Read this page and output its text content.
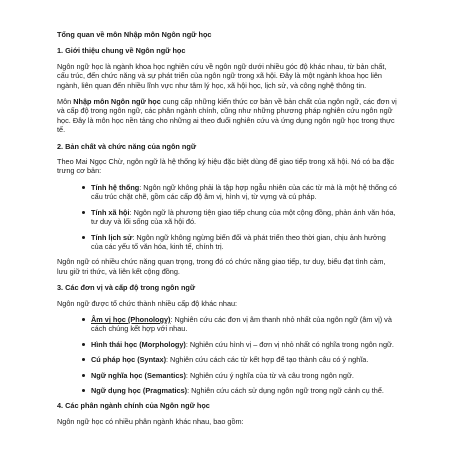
Tổng quan về môn Nhập môn Ngôn ngữ học
1. Giới thiệu chung về Ngôn ngữ học

Ngôn ngữ học là ngành khoa học nghiên cứu về ngôn ngữ dưới nhiều góc độ khác nhau, từ bản chất, cấu trúc, đến chức năng và sự phát triển của ngôn ngữ trong xã hội. Đây là một ngành khoa học liên ngành, liên quan đến nhiều lĩnh vực như tâm lý học, xã hội học, lịch sử, và công nghệ thông tin.

Môn Nhập môn Ngôn ngữ học cung cấp những kiến thức cơ bản về bản chất của ngôn ngữ, các đơn vị và cấp độ trong ngôn ngữ, các phân ngành chính, cũng như những phương pháp nghiên cứu ngôn ngữ học. Đây là môn học nền tảng cho những ai theo đuổi nghiên cứu và ứng dụng ngôn ngữ học trong thực tế.

2. Bản chất và chức năng của ngôn ngữ

Theo Mai Ngọc Chừ, ngôn ngữ là hệ thống ký hiệu đặc biệt dùng để giao tiếp trong xã hội. Nó có ba đặc trưng cơ bản:

Tính hệ thống: Ngôn ngữ không phải là tập hợp ngẫu nhiên của các từ mà là một hệ thống có cấu trúc chặt chẽ, gồm các cấp độ âm vị, hình vị, từ vựng và cú pháp.
Tính xã hội: Ngôn ngữ là phương tiện giao tiếp chung của một cộng đồng, phản ánh văn hóa, tư duy và lối sống của xã hội đó.
Tính lịch sử: Ngôn ngữ không ngừng biến đổi và phát triển theo thời gian, chịu ảnh hưởng của các yếu tố văn hóa, kinh tế, chính trị.

Ngôn ngữ có nhiều chức năng quan trọng, trong đó có chức năng giao tiếp, tư duy, biểu đạt tình cảm, lưu giữ tri thức, và liên kết cộng đồng.

3. Các đơn vị và cấp độ trong ngôn ngữ

Ngôn ngữ được tổ chức thành nhiều cấp độ khác nhau:

Âm vị học (Phonology): Nghiên cứu các đơn vị âm thanh nhỏ nhất của ngôn ngữ (âm vị) và cách chúng kết hợp với nhau.
Hình thái học (Morphology): Nghiên cứu hình vị – đơn vị nhỏ nhất có nghĩa trong ngôn ngữ.
Cú pháp học (Syntax): Nghiên cứu cách các từ kết hợp để tạo thành câu có ý nghĩa.
Ngữ nghĩa học (Semantics): Nghiên cứu ý nghĩa của từ và câu trong ngôn ngữ.
Ngữ dụng học (Pragmatics): Nghiên cứu cách sử dụng ngôn ngữ trong ngữ cảnh cụ thể.
4. Các phân ngành chính của Ngôn ngữ học

Ngôn ngữ học có nhiều phân ngành khác nhau, bao gồm:
